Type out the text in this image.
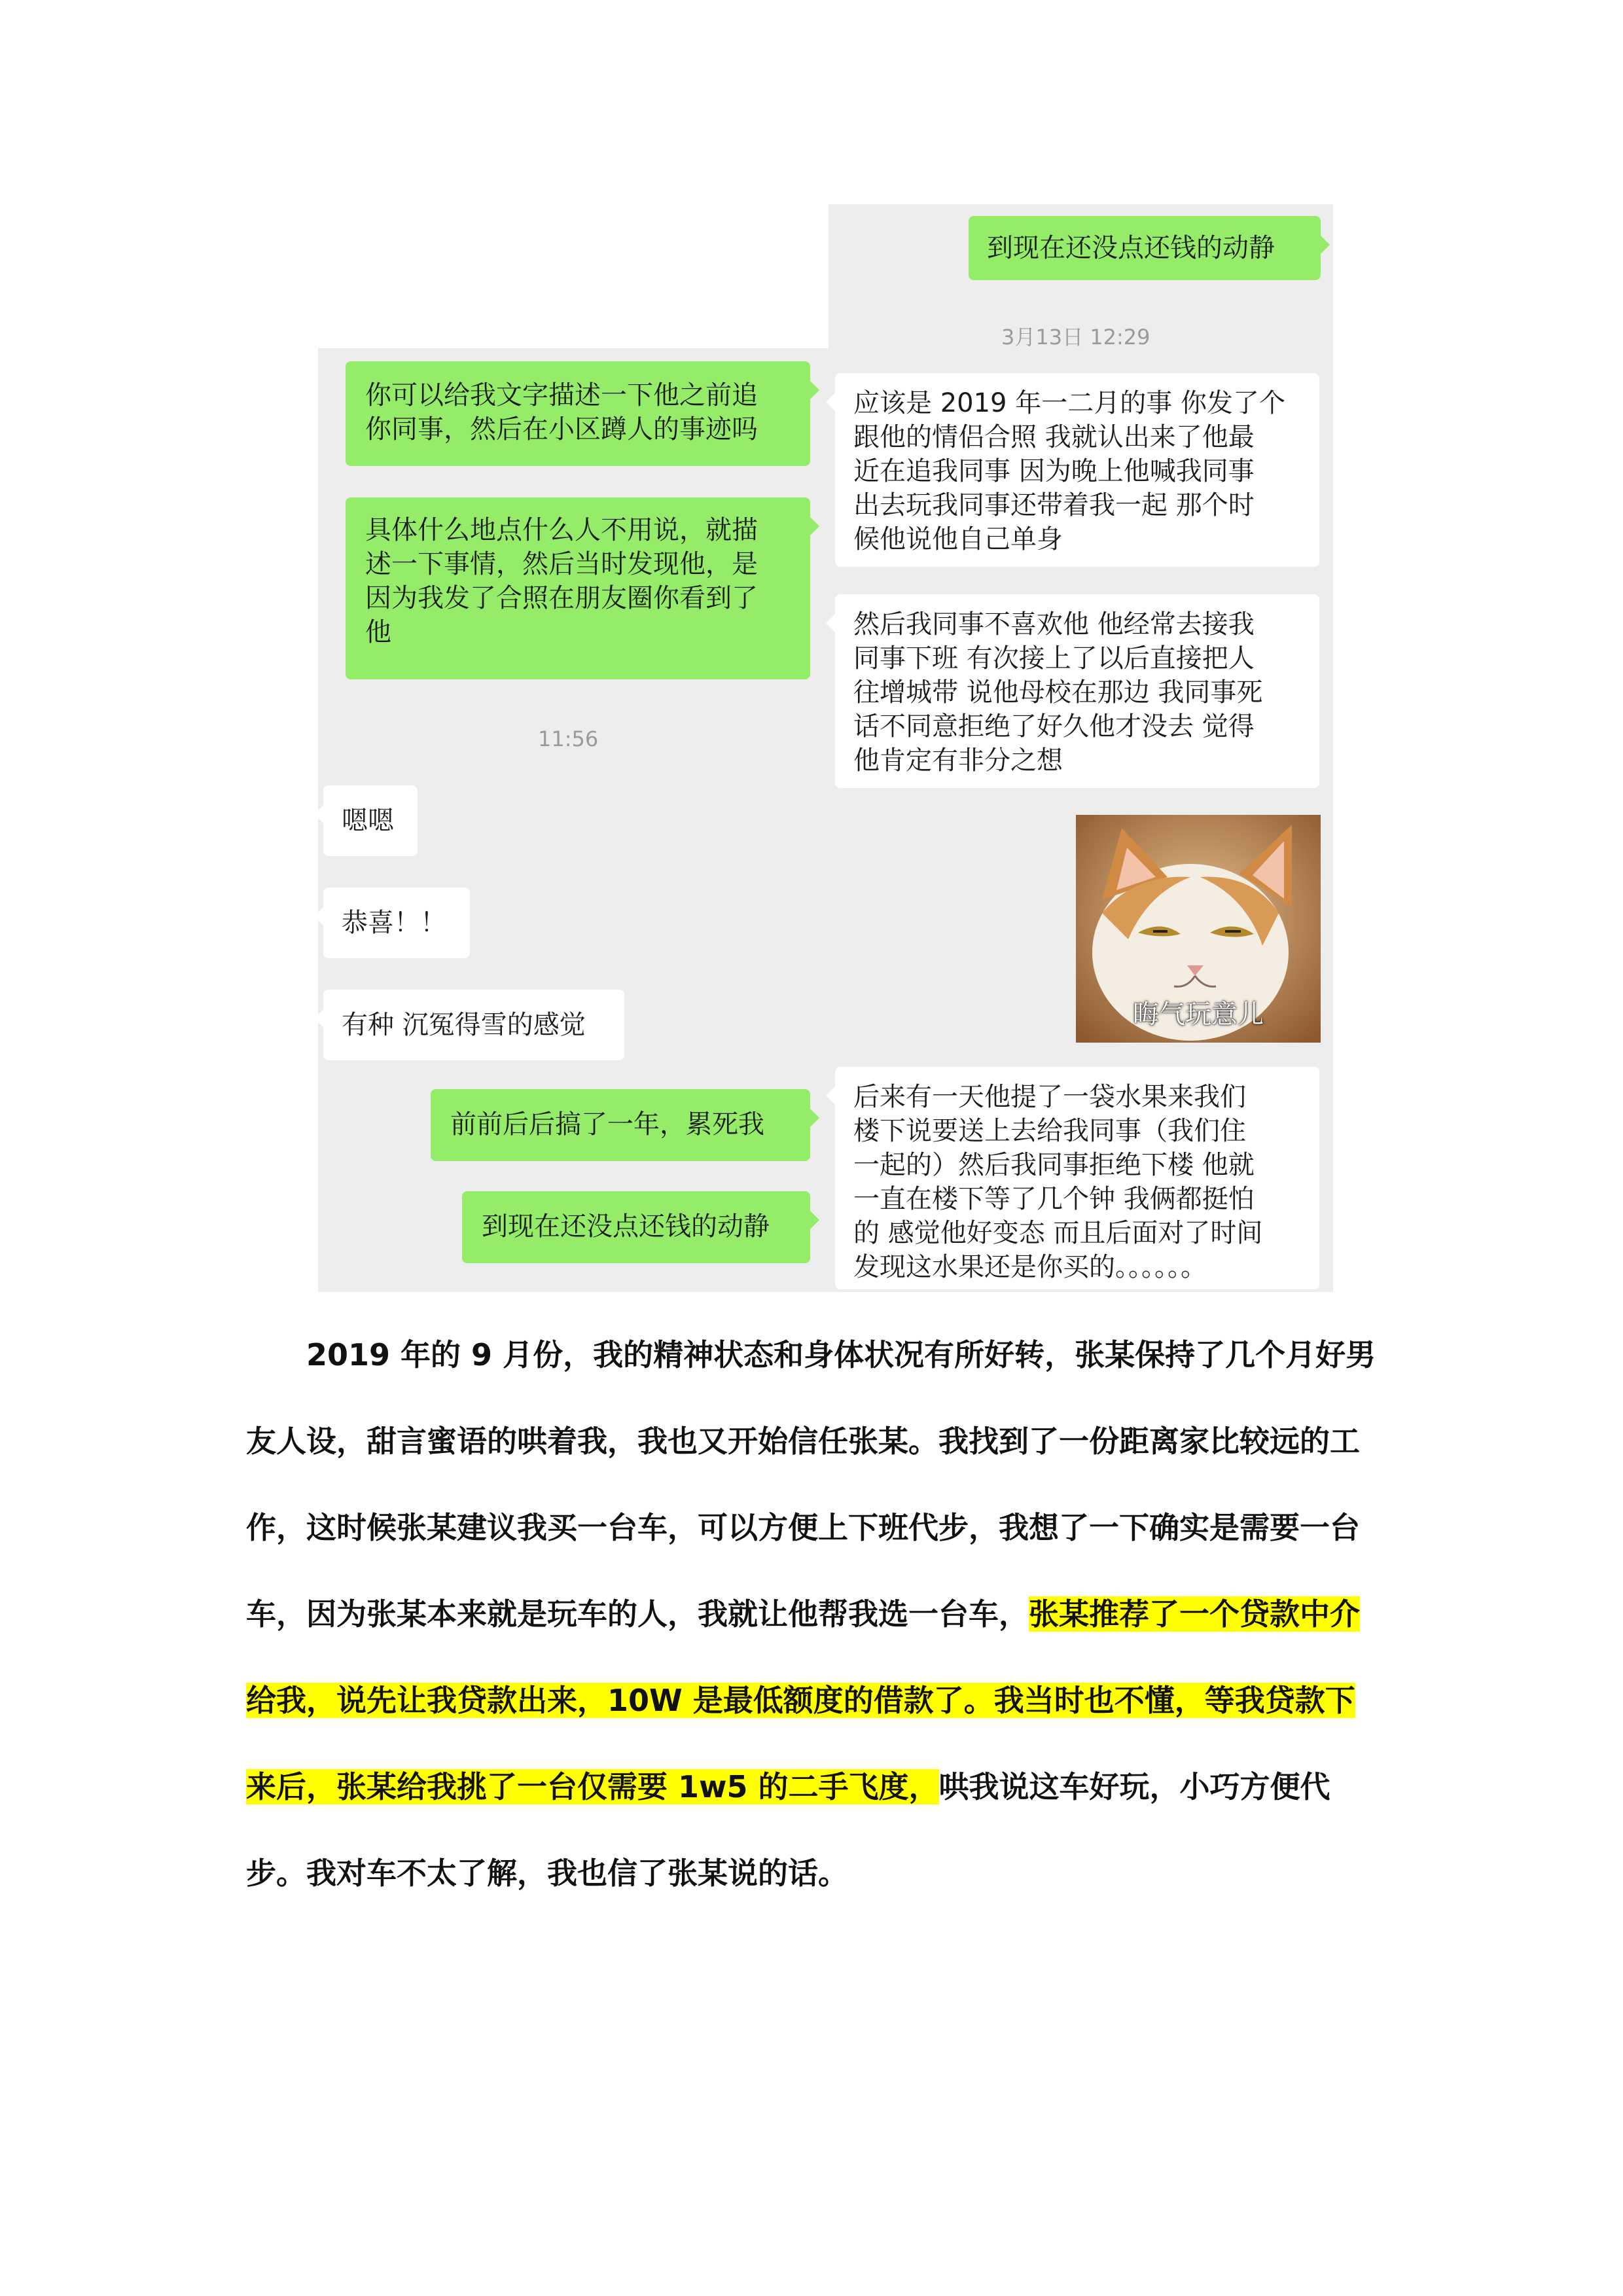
到现在还没点还钱的动静
3月13日 12:29
应该是 2019 年一二月的事 你发了个
跟他的情侣合照 我就认出来了他最
近在追我同事 因为晚上他喊我同事
出去玩我同事还带着我一起 那个时
候他说他自己单身
然后我同事不喜欢他 他经常去接我
同事下班 有次接上了以后直接把人
往增城带 说他母校在那边 我同事死
话不同意拒绝了好久他才没去 觉得
他肯定有非分之想
晦气玩意儿
后来有一天他提了一袋水果来我们
楼下说要送上去给我同事（我们住
一起的）然后我同事拒绝下楼 他就
一直在楼下等了几个钟 我俩都挺怕
的 感觉他好变态 而且后面对了时间
发现这水果还是你买的。。。。。。
你可以给我文字描述一下他之前追
你同事，然后在小区蹲人的事迹吗
具体什么地点什么人不用说，就描
述一下事情，然后当时发现他，是
因为我发了合照在朋友圈你看到了
他
11:56
嗯嗯
恭喜！！
有种 沉冤得雪的感觉
前前后后搞了一年，累死我
到现在还没点还钱的动静

2019 年的 9 月份，我的精神状态和身体状况有所好转，张某保持了几个月好男友人设，甜言蜜语的哄着我，我也又开始信任张某。我找到了一份距离家比较远的工作，这时候张某建议我买一台车，可以方便上下班代步，我想了一下确实是需要一台车，因为张某本来就是玩车的人，我就让他帮我选一台车，张某推荐了一个贷款中介给我，说先让我贷款出来，10W 是最低额度的借款了。我当时也不懂，等我贷款下来后，张某给我挑了一台仅需要 1w5 的二手飞度，哄我说这车好玩，小巧方便代步。我对车不太了解，我也信了张某说的话。
